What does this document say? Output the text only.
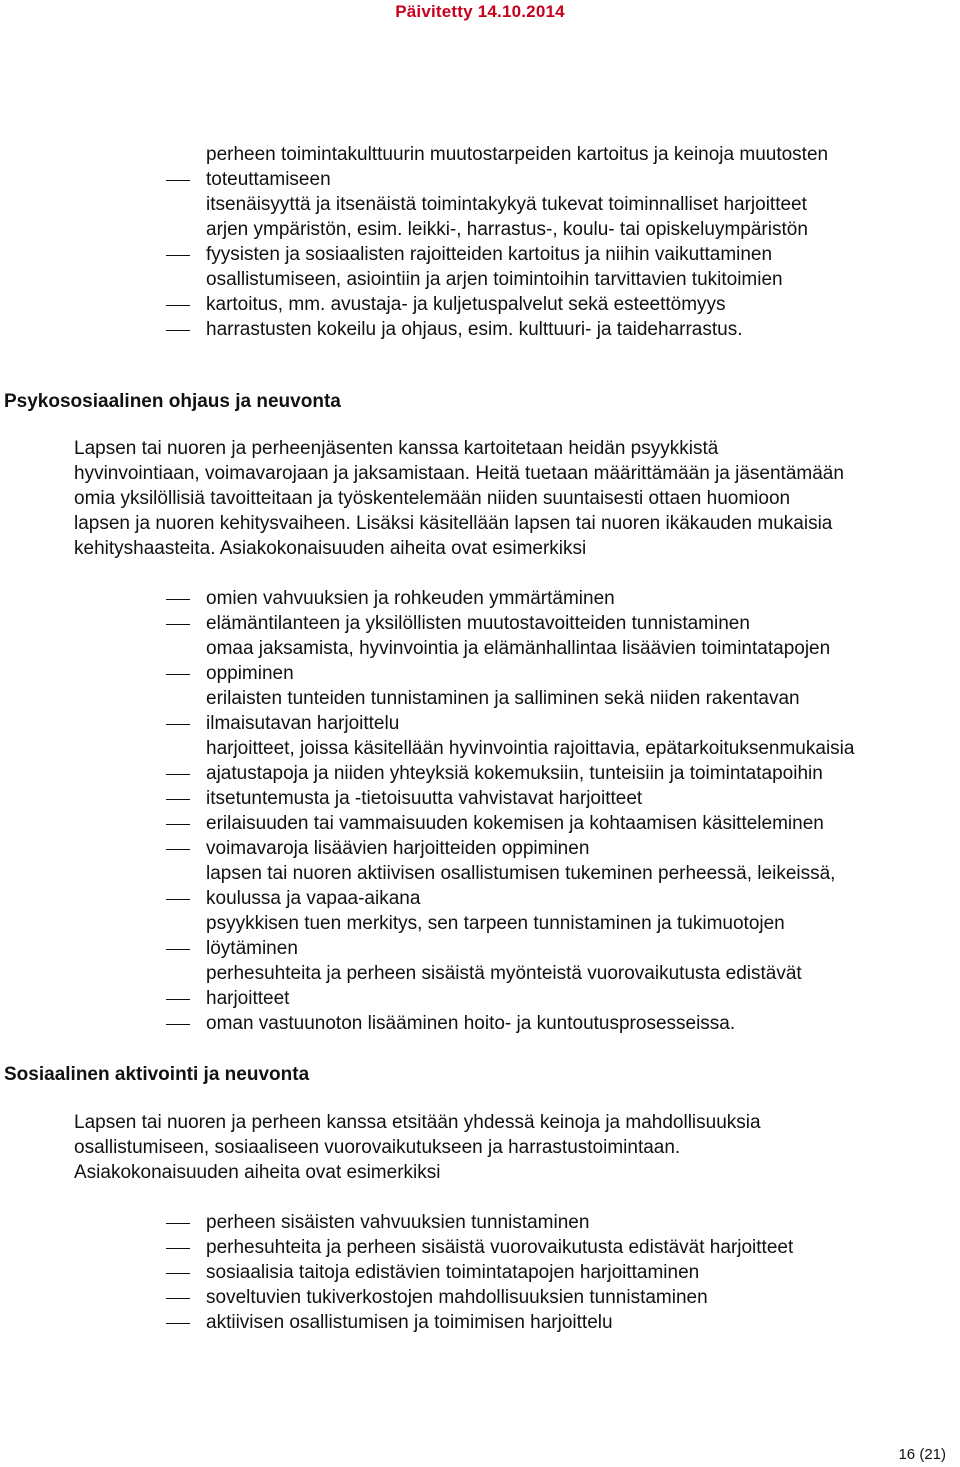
Päivitetty 14.10.2014
perheen toimintakulttuurin muutostarpeiden kartoitus ja keinoja muutosten
toteuttamiseen
itsenäisyyttä ja itsenäistä toimintakykyä tukevat toiminnalliset harjoitteet
arjen ympäristön, esim. leikki-, harrastus-, koulu- tai opiskeluympäristön
fyysisten ja sosiaalisten rajoitteiden kartoitus ja niihin vaikuttaminen
osallistumiseen, asiointiin ja arjen toimintoihin tarvittavien tukitoimien
kartoitus, mm. avustaja- ja kuljetuspalvelut sekä esteettömyys
harrastusten kokeilu ja ohjaus, esim. kulttuuri- ja taideharrastus.
Psykososiaalinen ohjaus ja neuvonta
Lapsen tai nuoren ja perheenjäsenten kanssa kartoitetaan heidän psyykkistä
hyvinvointiaan, voimavarojaan ja jaksamistaan. Heitä tuetaan määrittämään ja jäsentämään
omia yksilöllisiä tavoitteitaan ja työskentelemään niiden suuntaisesti ottaen huomioon
lapsen ja nuoren kehitysvaiheen. Lisäksi käsitellään lapsen tai nuoren ikäkauden mukaisia
kehityshaasteita. Asiakokonaisuuden aiheita ovat esimerkiksi
omien vahvuuksien ja rohkeuden ymmärtäminen
elämäntilanteen ja yksilöllisten muutostavoitteiden tunnistaminen
omaa jaksamista, hyvinvointia ja elämänhallintaa lisäävien toimintatapojen
oppiminen
erilaisten tunteiden tunnistaminen ja salliminen sekä niiden rakentavan
ilmaisutavan harjoittelu
harjoitteet, joissa käsitellään hyvinvointia rajoittavia, epätarkoituksenmukaisia
ajatustapoja ja niiden yhteyksiä kokemuksiin, tunteisiin ja toimintatapoihin
itsetuntemusta ja -tietoisuutta vahvistavat harjoitteet
erilaisuuden tai vammaisuuden kokemisen ja kohtaamisen käsitteleminen
voimavaroja lisäävien harjoitteiden oppiminen
lapsen tai nuoren aktiivisen osallistumisen tukeminen perheessä, leikeissä,
koulussa ja vapaa-aikana
psyykkisen tuen merkitys, sen tarpeen tunnistaminen ja tukimuotojen
löytäminen
perhesuhteita ja perheen sisäistä myönteistä vuorovaikutusta edistävät
harjoitteet
oman vastuunoton lisääminen hoito- ja kuntoutusprosesseissa.
Sosiaalinen aktivointi ja neuvonta
Lapsen tai nuoren ja perheen kanssa etsitään yhdessä keinoja ja mahdollisuuksia
osallistumiseen, sosiaaliseen vuorovaikutukseen ja harrastustoimintaan.
Asiakokonaisuuden aiheita ovat esimerkiksi
perheen sisäisten vahvuuksien tunnistaminen
perhesuhteita ja perheen sisäistä vuorovaikutusta edistävät harjoitteet
sosiaalisia taitoja edistävien toimintatapojen harjoittaminen
soveltuvien tukiverkostojen mahdollisuuksien tunnistaminen
aktiivisen osallistumisen ja toimimisen harjoittelu
16 (21)
